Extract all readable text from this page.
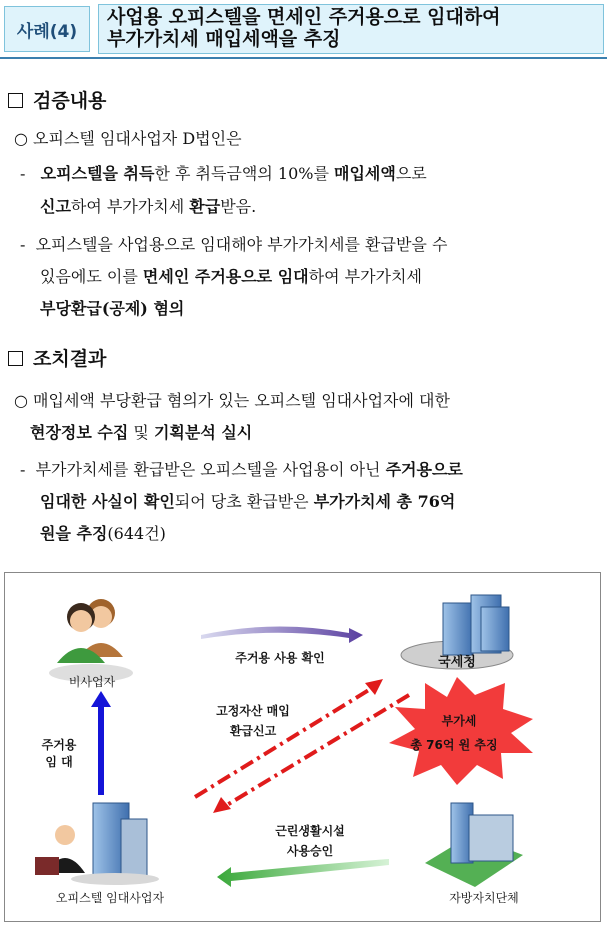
사례(4)
사업용 오피스텔을 면세인 주거용으로 임대하여
부가가치세 매입세액을 추징
검증내용
○ 오피스텔 임대사업자 D법인은
-   오피스텔을 취득한 후 취득금액의 10%를 매입세액으로
신고하여 부가가치세 환급받음.
-  오피스텔을 사업용으로 임대해야 부가가치세를 환급받을 수
있음에도 이를 면세인 주거용으로 임대하여 부가가치세
부당환급(공제) 혐의
조치결과
○ 매입세액 부당환급 혐의가 있는 오피스텔 임대사업자에 대한
현장정보 수집 및 기획분석 실시
-  부가가치세를 환급받은 오피스텔을 사업용이 아닌 주거용으로
임대한 사실이 확인되어 당초 환급받은 부가가치세 총 76억
원을 추징(644건)
비사업자
주거용 사용 확인	국세청
고정자산 매입
환급신고
부가세
총 76억 원 추징
주거용
임 대
근린생활시설
사용승인
오피스텔 임대사업자	자방자치단체
